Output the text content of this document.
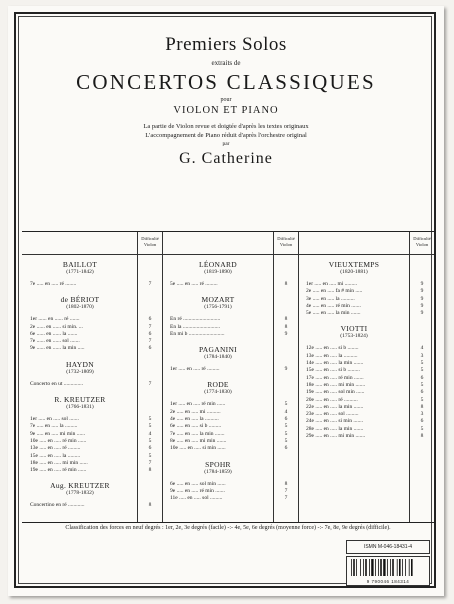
Premiers Solos
extraits de
CONCERTOS CLASSIQUES
pour
VIOLON ET PIANO
La partie de Violon revue et doigtée d'après les textes originaux
L'accompagnement de Piano réduit d'après l'orchestre original
par
G. Catherine
Difficulté
Violon
BAILLOT
(1771-1842)
7e ..... en ..... ré ........	7
de BÉRIOT
(1802-1870)
1er ...... en ...... ré .......	6
2e ...... en ...... si min. ...	7
6e ...... en ...... la .......	6
7e ...... en ...... sol .......	7
9e ...... en ...... la min .....	6
HAYDN
(1732-1809)
Concerto en ut ..............	7
R. KREUTZER
(1766-1831)
1er ..... en ..... sol .......	5
7e ..... en ..... la .........	5
9e ..... en ..... mi min ......	4
10e ..... en ..... ré min ......	5
13e ..... en ..... ré .........	6
15e ..... en ..... la .........	5
18e ..... en ..... mi min ......	7
19e ..... en ..... ré min ......	8
Aug. KREUTZER
(1778-1832)
Concertino en ré ............	8
Difficulté
Violon
LÉONARD
(1819-1890)
5e ..... en ..... ré .........	8
MOZART
(1756-1791)
En ré ...........................	8
En la ...........................	8
En mi b ..........................	9
PAGANINI
(1784-1840)
1er ..... en ..... ré .........	9
RODE
(1774-1830)
1er ..... en ..... ré min ......	5
2e ..... en ..... mi ..........	4
4e ..... en ..... la ..........	6
6e ..... en ..... si b .........	5
7e ..... en ..... la min .......	5
8e ..... en ..... mi min .......	5
10e ..... en ..... si min ......	6
SPOHR
(1784-1859)
6e ..... en ..... sol min ......	8
9e ..... en ..... ré min .......	7
11e ..... en ..... sol .........	7
Difficulté
Violon
VIEUXTEMPS
(1820-1881)
1er ..... en ..... mi .........	9
2e ..... en ..... fa # min .....	9
3e ..... en ..... la ..........	9
4e ..... en ..... ré min .......	9
5e ..... en ..... la min .......	9
VIOTTI
(1753-1824)
12e ..... en ..... si b ........	4
13e ..... en ..... la ..........	3
14e ..... en ..... la min .......	5
15e ..... en ..... si b .........	5
17e ..... en ..... ré min .......	6
18e ..... en ..... mi min .......	5
19e ..... en ..... sol min ......	6
20e ..... en ..... ré ..........	5
22e ..... en ..... la min .......	8
23e ..... en ..... sol .........	3
24e ..... en ..... si min .......	6
28e ..... en ..... la min .......	5
29e ..... en ..... mi min .......	8
Classification des forces en neuf degrés : 1er, 2e, 3e degrés (facile) -:- 4e, 5e, 6e degrés (moyenne force) -:- 7e, 8e, 9e degrés (difficile).
ISMN M-046-18431-4
9 790046 184314
